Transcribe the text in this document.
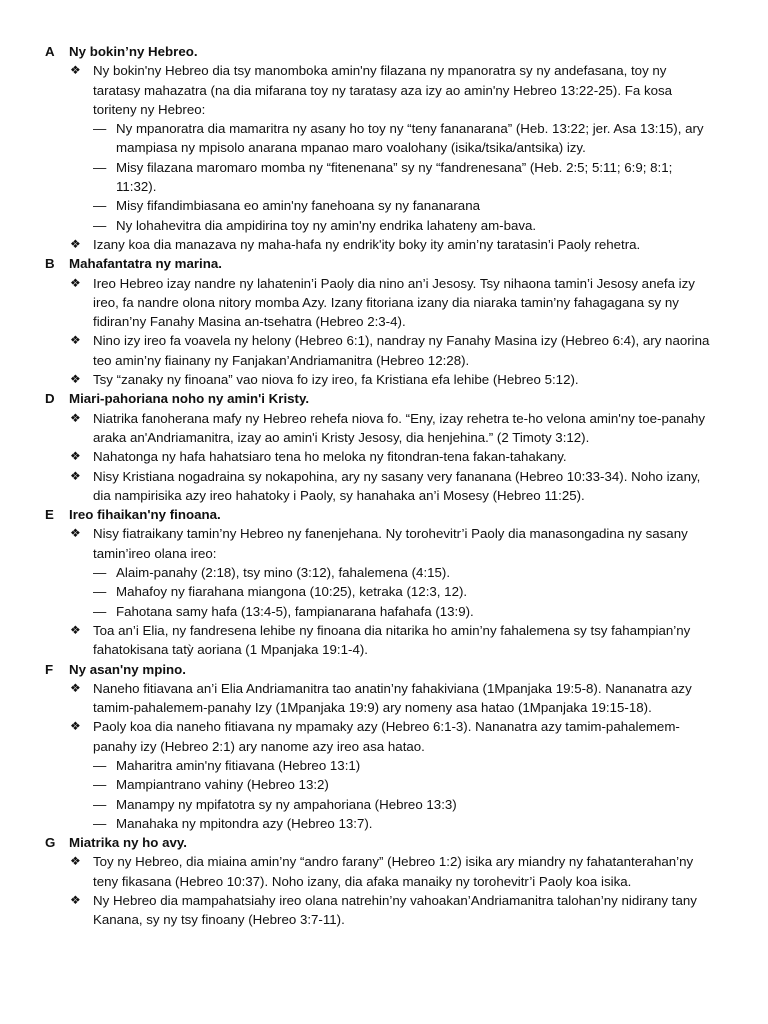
A Ny bokin’ny Hebreo.
❖ Ny bokin'ny Hebreo dia tsy manomboka amin'ny filazana ny mpanoratra sy ny andefasana, toy ny taratasy mahazatra (na dia mifarana toy ny taratasy aza izy ao amin'ny Hebreo 13:22-25). Fa kosa toriteny ny Hebreo:
— Ny mpanoratra dia mamaritra ny asany ho toy ny “teny fananarana” (Heb. 13:22; jer. Asa 13:15), ary mampiasa ny mpisolo anarana mpanao maro voalohany (isika/tsika/antsika) izy.
— Misy filazana maromaro momba ny “fitenenana” sy ny “fandrenesana” (Heb. 2:5; 5:11; 6:9; 8:1; 11:32).
— Misy fifandimbiasana eo amin'ny fanehoana sy ny fananarana
— Ny lohahevitra dia ampidirina toy ny amin'ny endrika lahateny am-bava.
❖ Izany koa dia manazava ny maha-hafa ny endrik'ity boky ity amin’ny taratasin’i Paoly rehetra.
B Mahafantatra ny marina.
❖ Ireo Hebreo izay nandre ny lahatenin’i Paoly dia nino an’i Jesosy. Tsy nihaona tamin’i Jesosy anefa izy ireo, fa nandre olona nitory momba Azy. Izany fitoriana izany dia niaraka tamin’ny fahagagana sy ny fidiran’ny Fanahy Masina an-tsehatra (Hebreo 2:3-4).
❖ Nino izy ireo fa voavela ny helony (Hebreo 6:1), nandray ny Fanahy Masina izy (Hebreo 6:4), ary naorina teo amin’ny fiainany ny Fanjakan’Andriamanitra (Hebreo 12:28).
❖ Tsy “zanaky ny finoana” vao niova fo izy ireo, fa Kristiana efa lehibe (Hebreo 5:12).
D Miari-pahoriana noho ny amin'i Kristy.
❖ Niatrika fanoherana mafy ny Hebreo rehefa niova fo. “Eny, izay rehetra te-ho velona amin'ny toe-panahy araka an'Andriamanitra, izay ao amin'i Kristy Jesosy, dia henjehina.” (2 Timoty 3:12).
❖ Nahatonga ny hafa hahatsiaro tena ho meloka ny fitondran-tena fakan-tahakany.
❖ Nisy Kristiana nogadraina sy nokapohina, ary ny sasany very fananana (Hebreo 10:33-34). Noho izany, dia nampirisika azy ireo hahatoky i Paoly, sy hanahaka an’i Mosesy (Hebreo 11:25).
E Ireo fihaikan'ny finoana.
❖ Nisy fiatraikany tamin’ny Hebreo ny fanenjehana. Ny torohevitr’i Paoly dia manasongadina ny sasany tamin’ireo olana ireo:
— Alaim-panahy (2:18), tsy mino (3:12), fahalemena (4:15).
— Mahafoy ny fiarahana miangona (10:25), ketraka (12:3, 12).
— Fahotana samy hafa (13:4-5), fampianarana hafahafa (13:9).
❖ Toa an’i Elia, ny fandresena lehibe ny finoana dia nitarika ho amin’ny fahalemena sy tsy fahampian’ny fahatokisana tatỳ aoriana (1 Mpanjaka 19:1-4).
F Ny asan'ny mpino.
❖ Naneho fitiavana an’i Elia Andriamanitra tao anatin’ny fahakiviana (1Mpanjaka 19:5-8). Nananatra azy tamim-pahalemem-panahy Izy (1Mpanjaka 19:9) ary nomeny asa hatao (1Mpanjaka 19:15-18).
❖ Paoly koa dia naneho fitiavana ny mpamaky azy (Hebreo 6:1-3). Nananatra azy tamim-pahalemem-panahy izy (Hebreo 2:1) ary nanome azy ireo asa hatao.
— Maharitra amin'ny fitiavana (Hebreo 13:1)
— Mampiantrano vahiny (Hebreo 13:2)
— Manampy ny mpifatotra sy ny ampahoriana (Hebreo 13:3)
— Manahaka ny mpitondra azy (Hebreo 13:7).
G Miatrika ny ho avy.
❖ Toy ny Hebreo, dia miaina amin’ny “andro farany” (Hebreo 1:2) isika ary miandry ny fahatanterahan’ny teny fikasana (Hebreo 10:37). Noho izany, dia afaka manaiky ny torohevitr’i Paoly koa isika.
❖ Ny Hebreo dia mampahatsiahy ireo olana natrehin’ny vahoakan’Andriamanitra talohan’ny nidirany tany Kanana, sy ny tsy finoany (Hebreo 3:7-11).
